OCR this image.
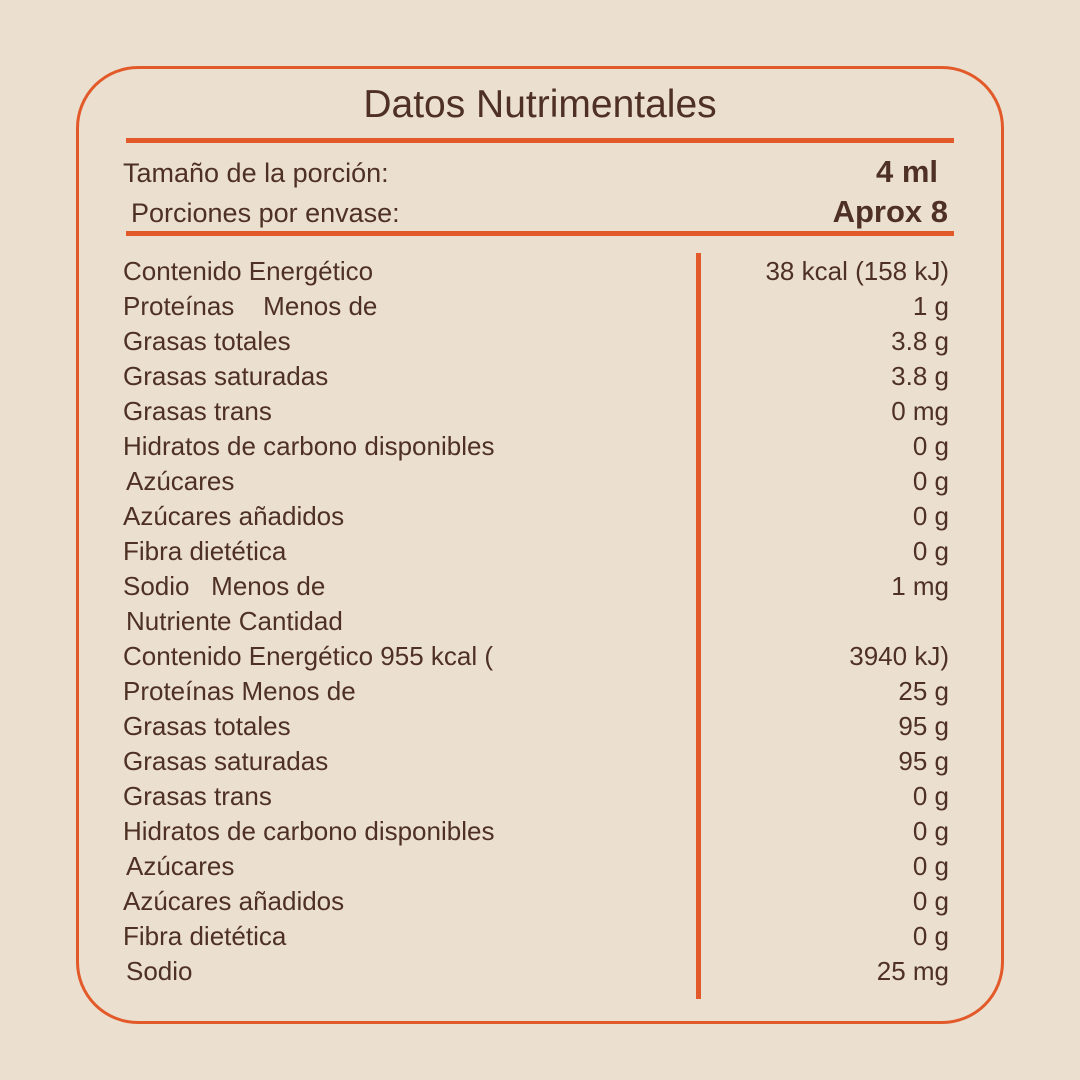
Datos Nutrimentales
Tamaño de la porción:	4 ml
Porciones por envase:	Aprox 8
Contenido Energético	38 kcal (158 kJ)
Proteínas    Menos de	1 g
Grasas totales	3.8 g
Grasas saturadas	3.8 g
Grasas trans	0 mg
Hidratos de carbono disponibles	0 g
Azúcares	0 g
Azúcares añadidos	0 g
Fibra dietética	0 g
Sodio   Menos de	1 mg
Nutriente Cantidad
Contenido Energético 955 kcal (	3940 kJ)
Proteínas Menos de	25 g
Grasas totales	95 g
Grasas saturadas	95 g
Grasas trans	0 g
Hidratos de carbono disponibles	0 g
Azúcares	0 g
Azúcares añadidos	0 g
Fibra dietética	0 g
Sodio	25 mg
